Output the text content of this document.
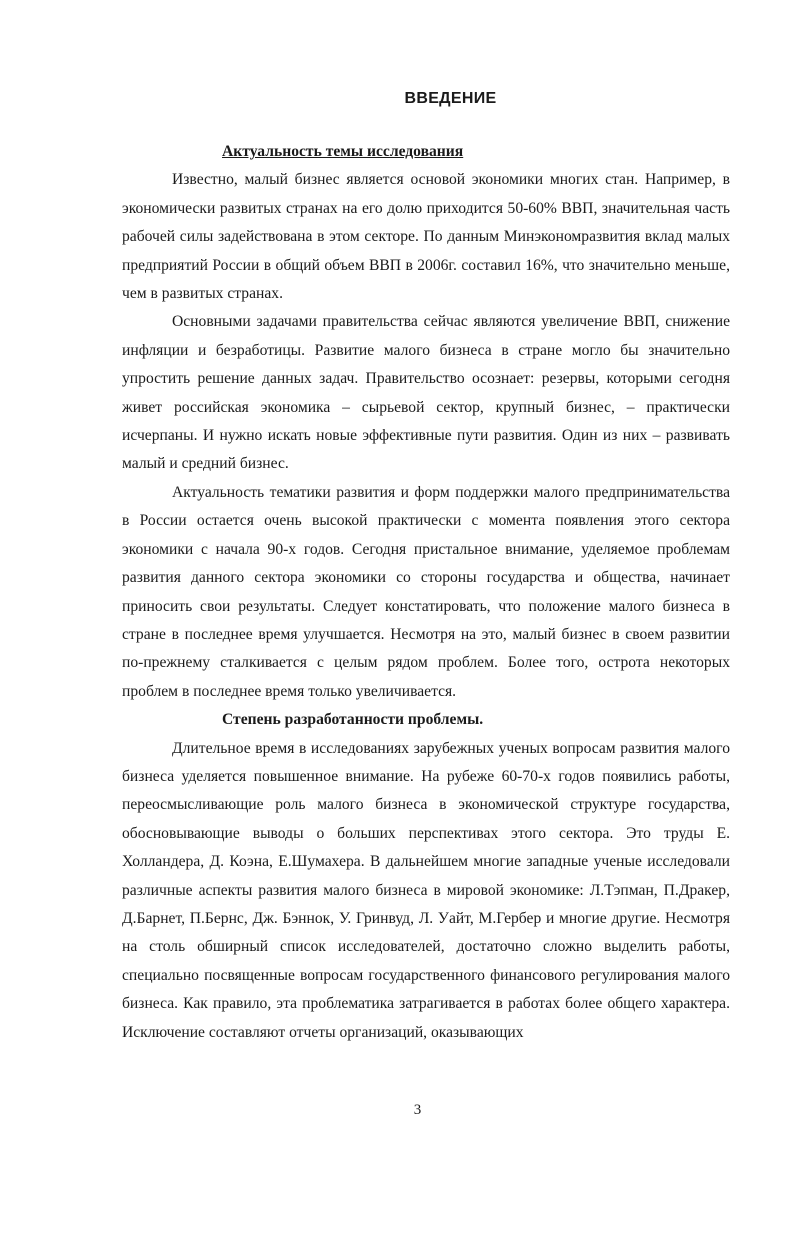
ВВЕДЕНИЕ

Актуальность темы исследования

Известно, малый бизнес является основой экономики многих стан. Например, в экономически развитых странах на его долю приходится 50-60% ВВП, значительная часть рабочей силы задействована в этом секторе. По данным Минэкономразвития вклад малых предприятий России в общий объем ВВП в 2006г. составил 16%, что значительно меньше, чем в развитых странах.

Основными задачами правительства сейчас являются увеличение ВВП, снижение инфляции и безработицы. Развитие малого бизнеса в стране могло бы значительно упростить решение данных задач. Правительство осознает: резервы, которыми сегодня живет российская экономика – сырьевой сектор, крупный бизнес, – практически исчерпаны. И нужно искать новые эффективные пути развития. Один из них – развивать малый и средний бизнес.

Актуальность тематики развития и форм поддержки малого предпринимательства в России остается очень высокой практически с момента появления этого сектора экономики с начала 90-х годов. Сегодня пристальное внимание, уделяемое проблемам развития данного сектора экономики со стороны государства и общества, начинает приносить свои результаты. Следует констатировать, что положение малого бизнеса в стране в последнее время улучшается. Несмотря на это, малый бизнес в своем развитии по-прежнему сталкивается с целым рядом проблем. Более того, острота некоторых проблем в последнее время только увеличивается.

Степень разработанности проблемы.

Длительное время в исследованиях зарубежных ученых вопросам развития малого бизнеса уделяется повышенное внимание. На рубеже 60-70-х годов появились работы, переосмысливающие роль малого бизнеса в экономической структуре государства, обосновывающие выводы о больших перспективах этого сектора. Это труды Е. Холландера, Д. Коэна, Е.Шумахера. В дальнейшем многие западные ученые исследовали различные аспекты развития малого бизнеса в мировой экономике: Л.Тэпман, П.Дракер, Д.Барнет, П.Бернс, Дж. Бэннок, У. Гринвуд, Л. Уайт, М.Гербер и многие другие. Несмотря на столь обширный список исследователей, достаточно сложно выделить работы, специально посвященные вопросам государственного финансового регулирования малого бизнеса. Как правило, эта проблематика затрагивается в работах более общего характера. Исключение составляют отчеты организаций, оказывающих

3
